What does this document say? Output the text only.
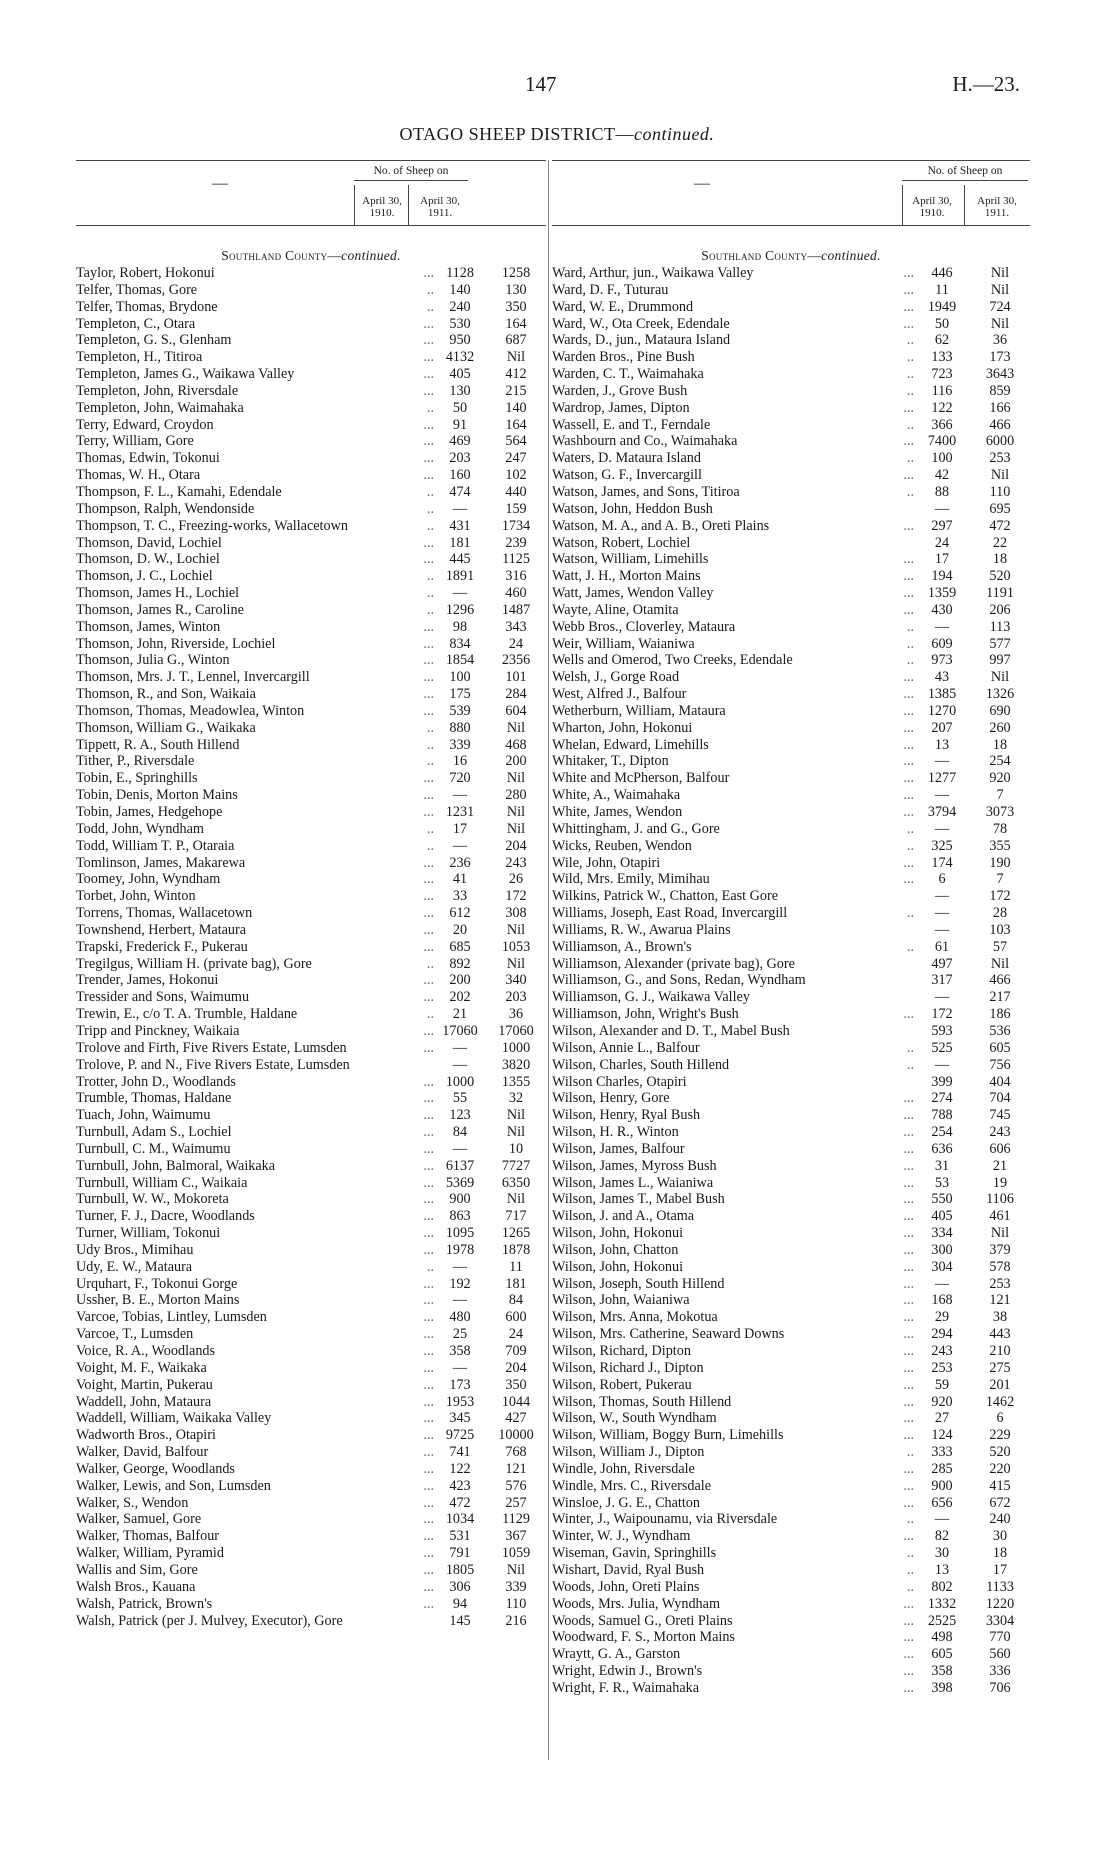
147	H.—23.
OTAGO SHEEP DISTRICT—continued.
—
No. of Sheep on
April 30, 1910.
April 30, 1911.
Southland County—continued.
Taylor, Robert, Hokonui	... 1128	1258
Telfer, Thomas, Gore	..	140	130
Telfer, Thomas, Brydone	..	240	350
Templeton, C., Otara	...	530	164
Templeton, G. S., Glenham	...	950	687
Templeton, H., Titiroa	... 4132	Nil
Templeton, James G., Waikawa Valley	...	405	412
Templeton, John, Riversdale	...	130	215
Templeton, John, Waimahaka	..	50	140
Terry, Edward, Croydon	...	91	164
Terry, William, Gore	...	469	564
Thomas, Edwin, Tokonui	...	203	247
Thomas, W. H., Otara	...	160	102
Thompson, F. L., Kamahi, Edendale	..	474	440
Thompson, Ralph, Wendonside	..	—	159
Thompson, T. C., Freezing-works, Wallacetown	..	431	1734
Thomson, David, Lochiel	...	181	239
Thomson, D. W., Lochiel	...	445	1125
Thomson, J. C., Lochiel	.. 1891	316
Thomson, James H., Lochiel	..	—	460
Thomson, James R., Caroline	.. 1296	1487
Thomson, James, Winton	...	98	343
Thomson, John, Riverside, Lochiel	...	834	24
Thomson, Julia G., Winton	... 1854	2356
Thomson, Mrs. J. T., Lennel, Invercargill	...	100	101
Thomson, R., and Son, Waikaia	...	175	284
Thomson, Thomas, Meadowlea, Winton	...	539	604
Thomson, William G., Waikaka	..	880	Nil
Tippett, R. A., South Hillend	..	339	468
Tither, P., Riversdale	..	16	200
Tobin, E., Springhills	...	720	Nil
Tobin, Denis, Morton Mains	...	—	280
Tobin, James, Hedgehope	... 1231	Nil
Todd, John, Wyndham	..	17	Nil
Todd, William T. P., Otaraia	..	—	204
Tomlinson, James, Makarewa	...	236	243
Toomey, John, Wyndham	...	41	26
Torbet, John, Winton	...	33	172
Torrens, Thomas, Wallacetown	...	612	308
Townshend, Herbert, Mataura	...	20	Nil
Trapski, Frederick F., Pukerau	...	685	1053
Tregilgus, William H. (private bag), Gore	..	892	Nil
Trender, James, Hokonui	...	200	340
Tressider and Sons, Waimumu	...	202	203
Trewin, E., c/o T. A. Trumble, Haldane	..	21	36
Tripp and Pinckney, Waikaia	... 17060	17060
Trolove and Firth, Five Rivers Estate, Lumsden	...	—	1000
Trolove, P. and N., Five Rivers Estate, Lumsden	—	3820
Trotter, John D., Woodlands	... 1000	1355
Trumble, Thomas, Haldane	...	55	32
Tuach, John, Waimumu	...	123	Nil
Turnbull, Adam S., Lochiel	...	84	Nil
Turnbull, C. M., Waimumu	...	—	10
Turnbull, John, Balmoral, Waikaka	... 6137	7727
Turnbull, William C., Waikaia	... 5369	6350
Turnbull, W. W., Mokoreta	...	900	Nil
Turner, F. J., Dacre, Woodlands	...	863	717
Turner, William, Tokonui	... 1095	1265
Udy Bros., Mimihau	... 1978	1878
Udy, E. W., Mataura	..	—	11
Urquhart, F., Tokonui Gorge	...	192	181
Ussher, B. E., Morton Mains	...	—	84
Varcoe, Tobias, Lintley, Lumsden	...	480	600
Varcoe, T., Lumsden	...	25	24
Voice, R. A., Woodlands	...	358	709
Voight, M. F., Waikaka	...	—	204
Voight, Martin, Pukerau	...	173	350
Waddell, John, Mataura	... 1953	1044
Waddell, William, Waikaka Valley	...	345	427
Wadworth Bros., Otapiri	... 9725	10000
Walker, David, Balfour	...	741	768
Walker, George, Woodlands	...	122	121
Walker, Lewis, and Son, Lumsden	...	423	576
Walker, S., Wendon	...	472	257
Walker, Samuel, Gore	... 1034	1129
Walker, Thomas, Balfour	...	531	367
Walker, William, Pyramid	...	791	1059
Wallis and Sim, Gore	... 1805	Nil
Walsh Bros., Kauana	...	306	339
Walsh, Patrick, Brown's	...	94	110
Walsh, Patrick (per J. Mulvey, Executor), Gore	145	216
—
No. of Sheep on
April 30, 1910.
April 30, 1911.
Southland County—continued.
Ward, Arthur, jun., Waikawa Valley	...	446	Nil
Ward, D. F., Tuturau	...	11	Nil
Ward, W. E., Drummond	... 1949	724
Ward, W., Ota Creek, Edendale	...	50	Nil
Wards, D., jun., Mataura Island	..	62	36
Warden Bros., Pine Bush	..	133	173
Warden, C. T., Waimahaka	..	723	3643
Warden, J., Grove Bush	..	116	859
Wardrop, James, Dipton	...	122	166
Wassell, E. and T., Ferndale	..	366	466
Washbourn and Co., Waimahaka	... 7400	6000
Waters, D. Mataura Island	..	100	253
Watson, G. F., Invercargill	...	42	Nil
Watson, James, and Sons, Titiroa	..	88	110
Watson, John, Heddon Bush	—	695
Watson, M. A., and A. B., Oreti Plains	...	297	472
Watson, Robert, Lochiel	24	22
Watson, William, Limehills	...	17	18
Watt, J. H., Morton Mains	...	194	520
Watt, James, Wendon Valley	... 1359	1191
Wayte, Aline, Otamita	...	430	206
Webb Bros., Cloverley, Mataura	..	—	113
Weir, William, Waianiwa	..	609	577
Wells and Omerod, Two Creeks, Edendale	..	973	997
Welsh, J., Gorge Road	...	43	Nil
West, Alfred J., Balfour	... 1385	1326
Wetherburn, William, Mataura	... 1270	690
Wharton, John, Hokonui	...	207	260
Whelan, Edward, Limehills	...	13	18
Whitaker, T., Dipton	...	—	254
White and McPherson, Balfour	... 1277	920
White, A., Waimahaka	...	—	7
White, James, Wendon	... 3794	3073
Whittingham, J. and G., Gore	..	—	78
Wicks, Reuben, Wendon	..	325	355
Wile, John, Otapiri	...	174	190
Wild, Mrs. Emily, Mimihau	...	6	7
Wilkins, Patrick W., Chatton, East Gore	—	172
Williams, Joseph, East Road, Invercargill	..	—	28
Williams, R. W., Awarua Plains	—	103
Williamson, A., Brown's	..	61	57
Williamson, Alexander (private bag), Gore	497	Nil
Williamson, G., and Sons, Redan, Wyndham	317	466
Williamson, G. J., Waikawa Valley	—	217
Williamson, John, Wright's Bush	...	172	186
Wilson, Alexander and D. T., Mabel Bush	593	536
Wilson, Annie L., Balfour	..	525	605
Wilson, Charles, South Hillend	..	—	756
Wilson Charles, Otapiri	399	404
Wilson, Henry, Gore	...	274	704
Wilson, Henry, Ryal Bush	...	788	745
Wilson, H. R., Winton	...	254	243
Wilson, James, Balfour	...	636	606
Wilson, James, Myross Bush	...	31	21
Wilson, James L., Waianiwa	...	53	19
Wilson, James T., Mabel Bush	...	550	1106
Wilson, J. and A., Otama	...	405	461
Wilson, John, Hokonui	...	334	Nil
Wilson, John, Chatton	...	300	379
Wilson, John, Hokonui	...	304	578
Wilson, Joseph, South Hillend	...	—	253
Wilson, John, Waianiwa	...	168	121
Wilson, Mrs. Anna, Mokotua	...	29	38
Wilson, Mrs. Catherine, Seaward Downs	...	294	443
Wilson, Richard, Dipton	...	243	210
Wilson, Richard J., Dipton	...	253	275
Wilson, Robert, Pukerau	...	59	201
Wilson, Thomas, South Hillend	...	920	1462
Wilson, W., South Wyndham	...	27	6
Wilson, William, Boggy Burn, Limehills	...	124	229
Wilson, William J., Dipton	..	333	520
Windle, John, Riversdale	...	285	220
Windle, Mrs. C., Riversdale	...	900	415
Winsloe, J. G. E., Chatton	...	656	672
Winter, J., Waipounamu, via Riversdale	..	—	240
Winter, W. J., Wyndham	...	82	30
Wiseman, Gavin, Springhills	..	30	18
Wishart, David, Ryal Bush	..	13	17
Woods, John, Oreti Plains	..	802	1133
Woods, Mrs. Julia, Wyndham	... 1332	1220
Woods, Samuel G., Oreti Plains	... 2525	3304
Woodward, F. S., Morton Mains	...	498	770
Wraytt, G. A., Garston	...	605	560
Wright, Edwin J., Brown's	...	358	336
Wright, F. R., Waimahaka	...	398	706
